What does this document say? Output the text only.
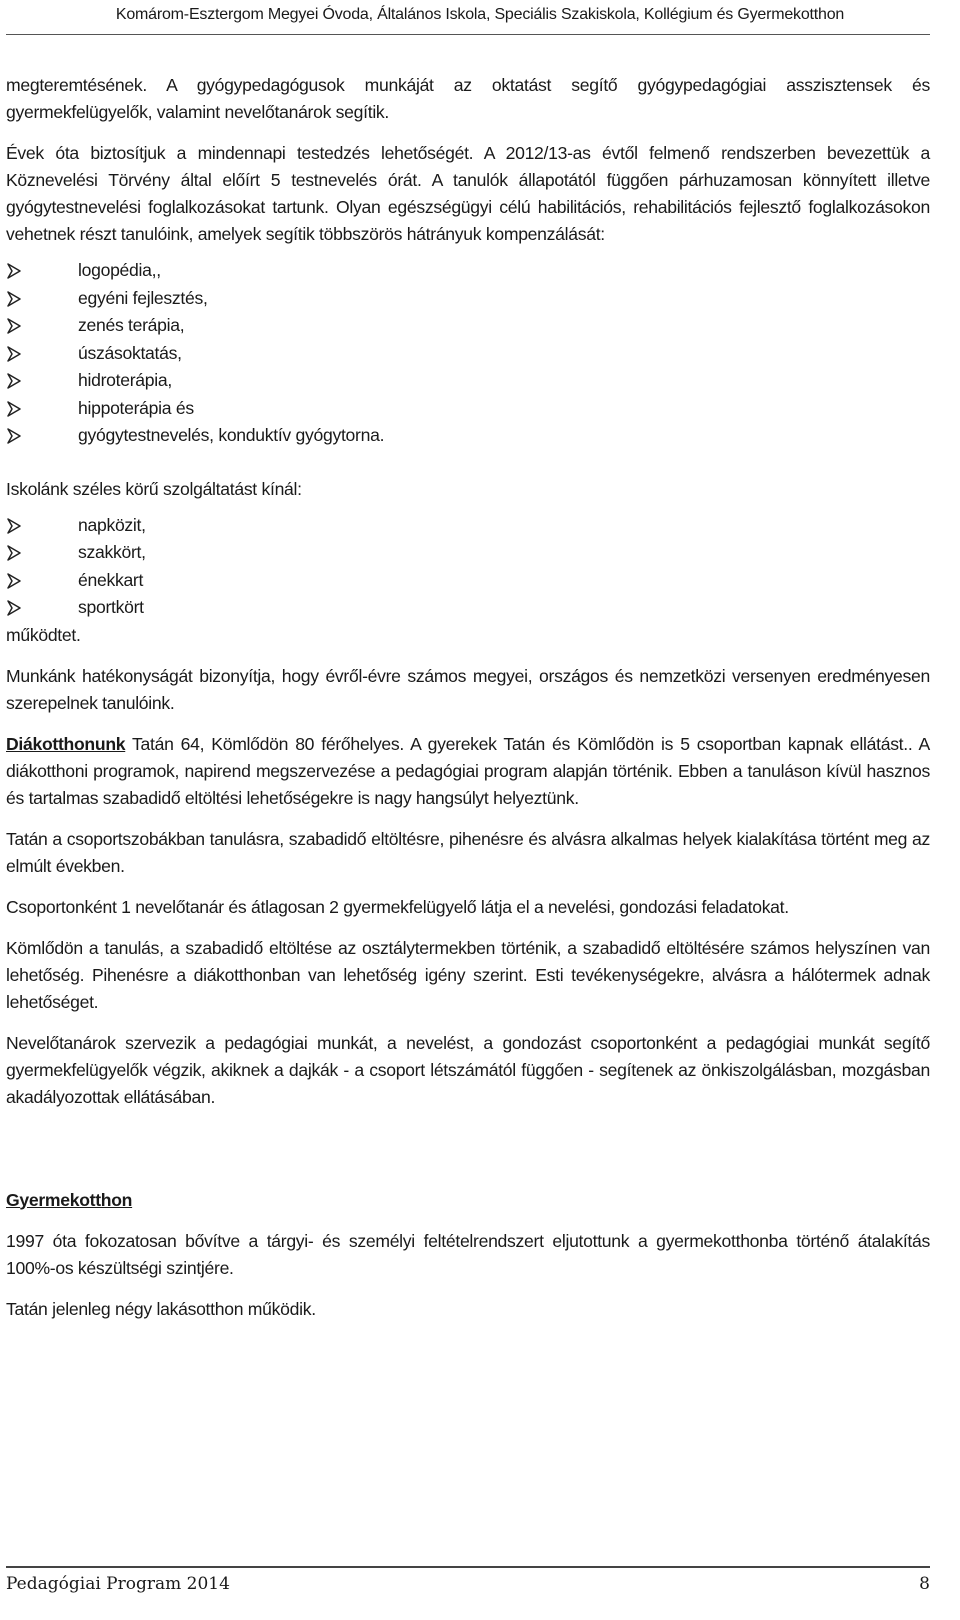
Komárom-Esztergom Megyei Óvoda, Általános Iskola, Speciális Szakiskola, Kollégium és Gyermekotthon

megteremtésének. A gyógypedagógusok munkáját az oktatást segítő gyógypedagógiai asszisztensek és gyermekfelügyelők, valamint nevelőtanárok segítik.

Évek óta biztosítjuk a mindennapi testedzés lehetőségét. A 2012/13-as évtől felmenő rendszerben bevezettük a Köznevelési Törvény által előírt 5 testnevelés órát. A tanulók állapotától függően párhuzamosan könnyített illetve gyógytestnevelési foglalkozásokat tartunk. Olyan egészségügyi célú habilitációs, rehabilitációs fejlesztő foglalkozásokon vehetnek részt tanulóink, amelyek segítik többszörös hátrányuk kompenzálását:

logopédia,,
egyéni fejlesztés,
zenés terápia,
úszásoktatás,
hidroterápia,
hippoterápia és
gyógytestnevelés, konduktív gyógytorna.

Iskolánk széles körű szolgáltatást kínál:

napközit,
szakkört,
énekkart
sportkört

működtet.

Munkánk hatékonyságát bizonyítja, hogy évről-évre számos megyei, országos és nemzetközi versenyen eredményesen szerepelnek tanulóink.

Diákotthonunk Tatán 64, Kömlődön 80 férőhelyes. A gyerekek Tatán és Kömlődön is 5 csoportban kapnak ellátást.. A diákotthoni programok, napirend megszervezése a pedagógiai program alapján történik. Ebben a tanuláson kívül hasznos és tartalmas szabadidő eltöltési lehetőségekre is nagy hangsúlyt helyeztünk.

Tatán a csoportszobákban tanulásra, szabadidő eltöltésre, pihenésre és alvásra alkalmas helyek kialakítása történt meg az elmúlt években.

Csoportonként 1 nevelőtanár és átlagosan 2 gyermekfelügyelő látja el a nevelési, gondozási feladatokat.

Kömlődön a tanulás, a szabadidő eltöltése az osztálytermekben történik, a szabadidő eltöltésére számos helyszínen van lehetőség. Pihenésre a diákotthonban van lehetőség igény szerint. Esti tevékenységekre, alvásra a hálótermek adnak lehetőséget.

Nevelőtanárok szervezik a pedagógiai munkát, a nevelést, a gondozást csoportonként a pedagógiai munkát segítő gyermekfelügyelők végzik, akiknek a dajkák - a csoport létszámától függően - segítenek az önkiszolgálásban, mozgásban akadályozottak ellátásában.

Gyermekotthon

1997 óta fokozatosan bővítve a tárgyi- és személyi feltételrendszert eljutottunk a gyermekotthonba történő átalakítás 100%-os készültségi szintjére.

Tatán jelenleg négy lakásotthon működik.

Pedagógiai Program 2014	8
